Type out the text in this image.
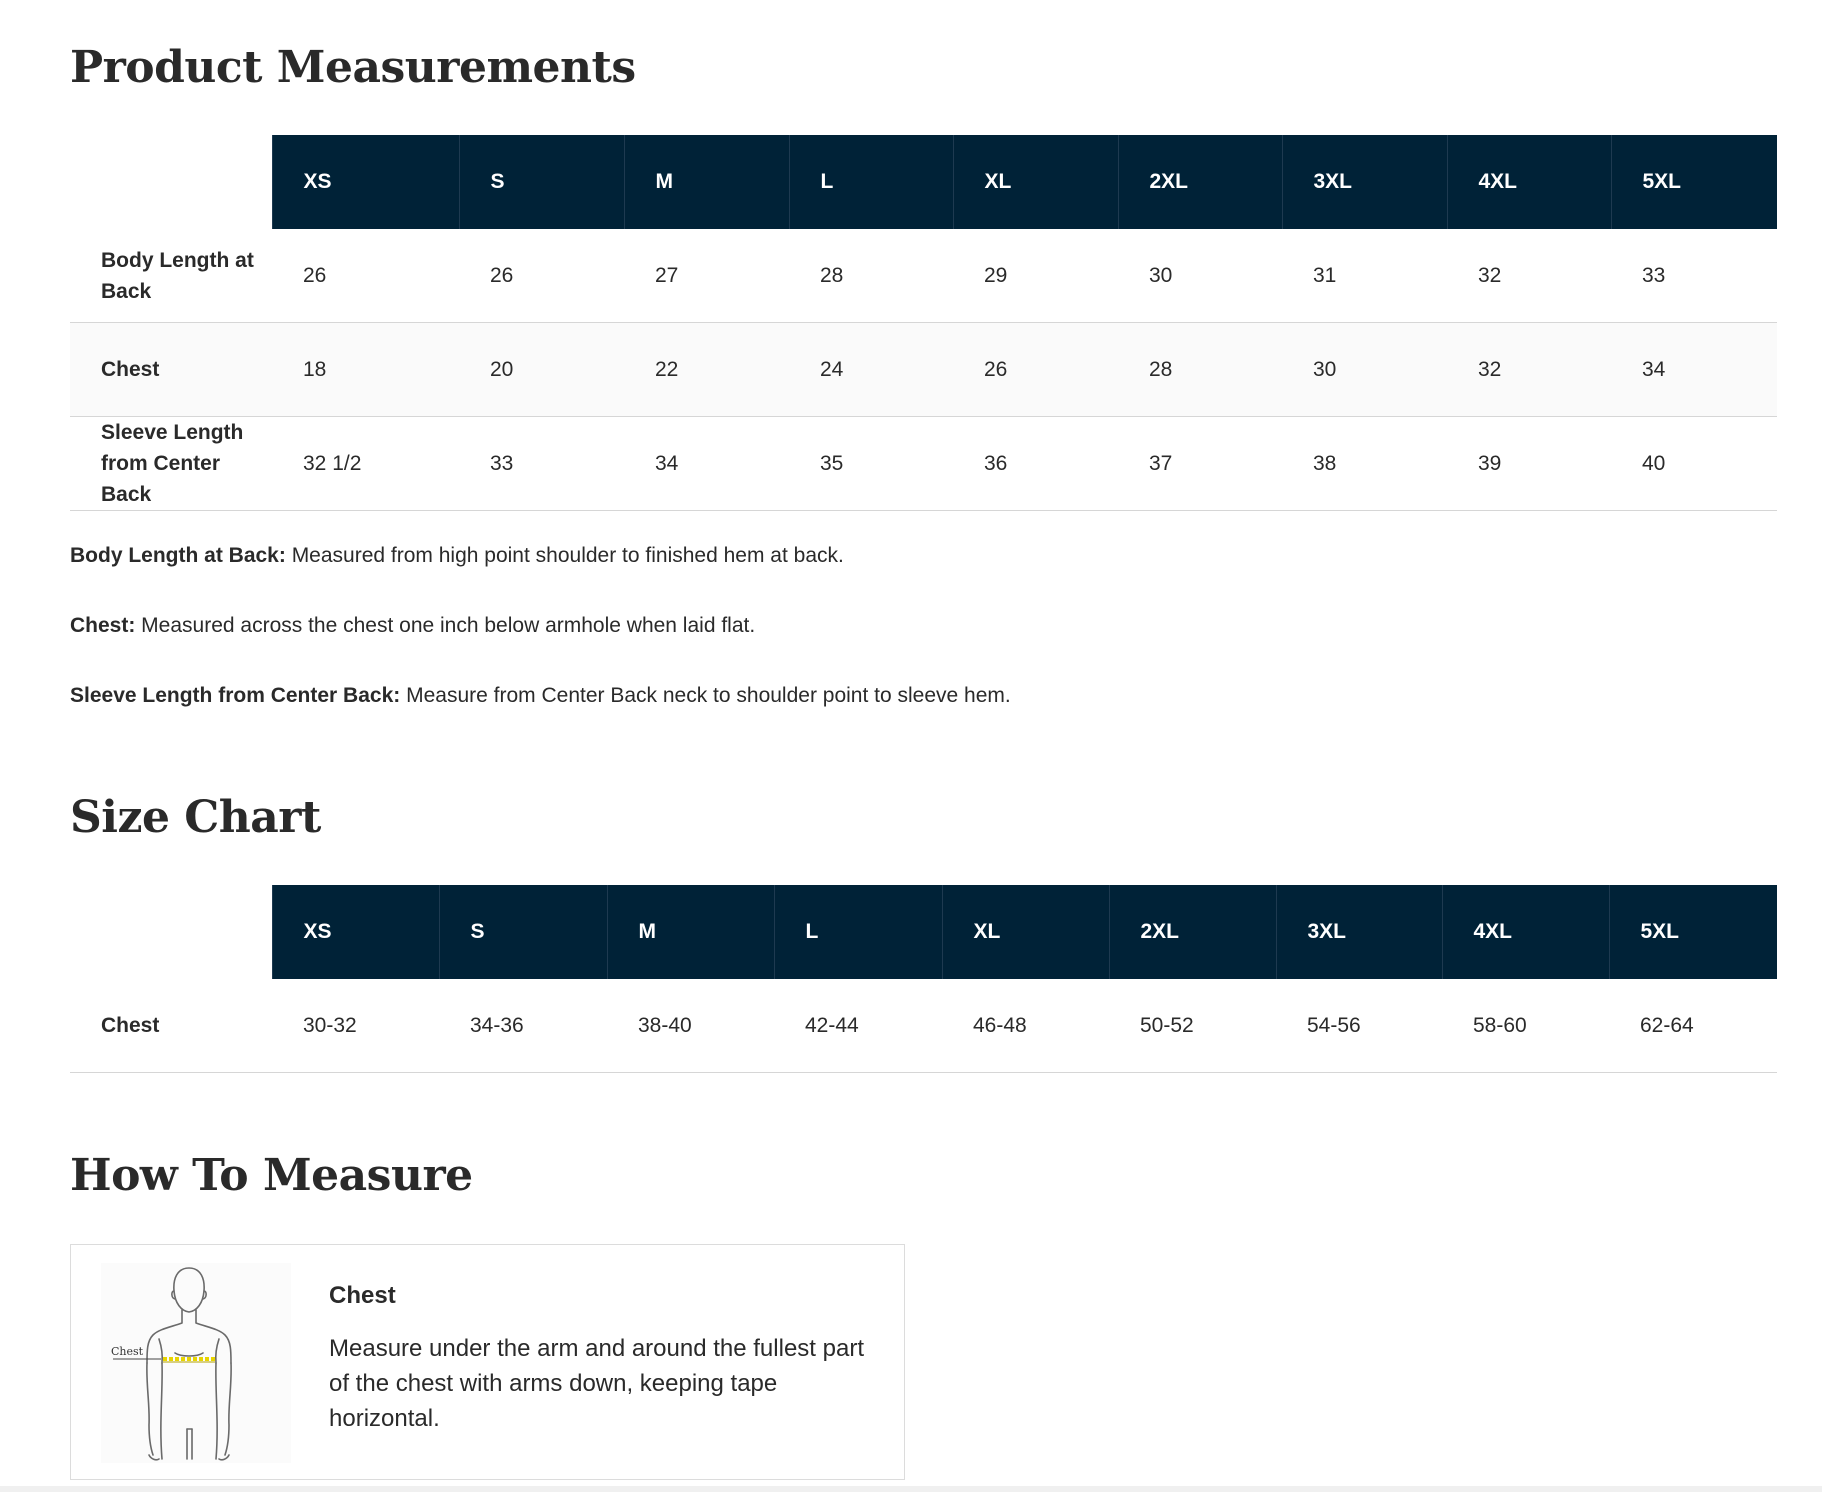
Product Measurements
	XS	S	M	L	XL	2XL	3XL	4XL	5XL
Body Length at Back	26	26	27	28	29	30	31	32	33
Chest	18	20	22	24	26	28	30	32	34
Sleeve Length from Center Back	32 1/2	33	34	35	36	37	38	39	40

Body Length at Back: Measured from high point shoulder to finished hem at back.

Chest: Measured across the chest one inch below armhole when laid flat.

Sleeve Length from Center Back: Measure from Center Back neck to shoulder point to sleeve hem.

Size Chart
	XS	S	M	L	XL	2XL	3XL	4XL	5XL
Chest	30-32	34-36	38-40	42-44	46-48	50-52	54-56	58-60	62-64
How To Measure
Chest
Chest
Measure under the arm and around the fullest part of the chest with arms down, keeping tape horizontal.
